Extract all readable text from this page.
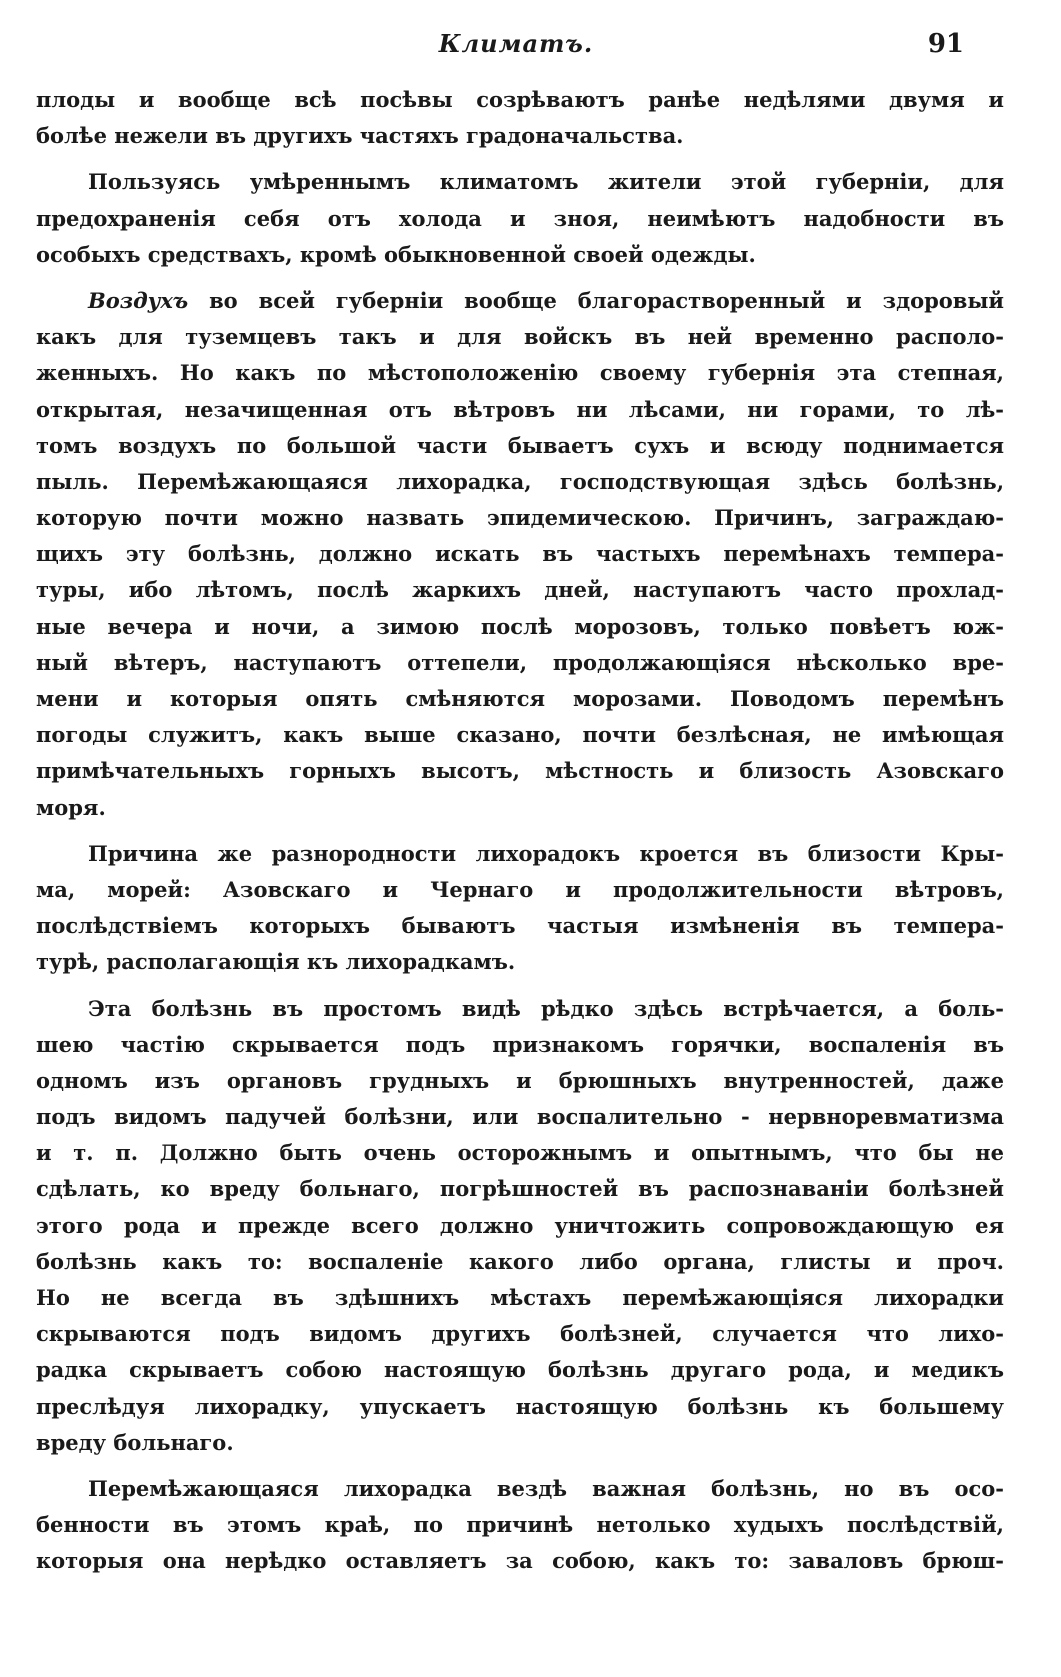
Климатъ.	91
плоды и вообще всѣ посѣвы созрѣваютъ ранѣе недѣлями двумя и
болѣе нежели въ другихъ частяхъ градоначальства.
Пользуясь умѣреннымъ климатомъ жители этой губерніи, для
предохраненія себя отъ холода и зноя, неимѣютъ надобности въ
особыхъ средствахъ, кромѣ обыкновенной своей одежды.
Воздухъ во всей губерніи вообще благорастворенный и здоровый
какъ для туземцевъ такъ и для войскъ въ ней временно располо-
женныхъ. Но какъ по мѣстоположенію своему губернія эта степная,
открытая, незачищенная отъ вѣтровъ ни лѣсами, ни горами, то лѣ-
томъ воздухъ по большой части бываетъ сухъ и всюду поднимается
пыль. Перемѣжающаяся лихорадка, господствующая здѣсь болѣзнь,
которую почти можно назвать эпидемическою. Причинъ, заграждаю-
щихъ эту болѣзнь, должно искать въ частыхъ перемѣнахъ темпера-
туры, ибо лѣтомъ, послѣ жаркихъ дней, наступаютъ часто прохлад-
ные вечера и ночи, а зимою послѣ морозовъ, только повѣетъ юж-
ный вѣтеръ, наступаютъ оттепели, продолжающіяся нѣсколько вре-
мени и которыя опять смѣняются морозами. Поводомъ перемѣнъ
погоды служитъ, какъ выше сказано, почти безлѣсная, не имѣющая
примѣчательныхъ горныхъ высотъ, мѣстность и близость Азовскаго
моря.
Причина же разнородности лихорадокъ кроется въ близости Кры-
ма, морей: Азовскаго и Чернаго и продолжительности вѣтровъ,
послѣдствіемъ которыхъ бываютъ частыя измѣненія въ темпера-
турѣ, располагающія къ лихорадкамъ.
Эта болѣзнь въ простомъ видѣ рѣдко здѣсь встрѣчается, а боль-
шею частію скрывается подъ признакомъ горячки, воспаленія въ
одномъ изъ органовъ грудныхъ и брюшныхъ внутренностей, даже
подъ видомъ падучей болѣзни, или воспалительно - нервноревматизма
и т. п. Должно быть очень осторожнымъ и опытнымъ, что бы не
сдѣлать, ко вреду больнаго, погрѣшностей въ распознаваніи болѣзней
этого рода и прежде всего должно уничтожить сопровождающую ея
болѣзнь какъ то: воспаленіе какого либо органа, глисты и проч.
Но не всегда въ здѣшнихъ мѣстахъ перемѣжающіяся лихорадки
скрываются подъ видомъ другихъ болѣзней, случается что лихо-
радка скрываетъ собою настоящую болѣзнь другаго рода, и медикъ
преслѣдуя лихорадку, упускаетъ настоящую болѣзнь къ большему
вреду больнаго.
Перемѣжающаяся лихорадка вездѣ важная болѣзнь, но въ осо-
бенности въ этомъ краѣ, по причинѣ нетолько худыхъ послѣдствій,
которыя она нерѣдко оставляетъ за собою, какъ то: заваловъ брюш-
